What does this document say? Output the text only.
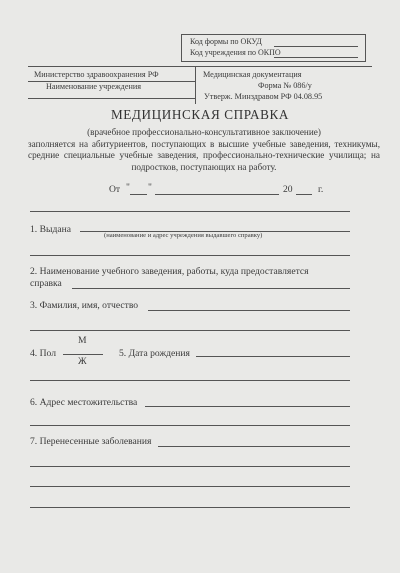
Код формы по ОКУД
Код учреждения по ОКПО
Министерство здравоохранения РФ
Наименование учреждения
Медицинская документация
Форма № 086/у
Утверж. Минздравом РФ 04.08.95
МЕДИЦИНСКАЯ СПРАВКА
(врачебное профессионально-консультативное заключение)
заполняется на абитуриентов, поступающих в высшие учебные заведения, техникумы, средние специальные учебные заведения, профессионально-технические училища; на подростков, поступающих на работу.
От " "	20	г.
1. Выдана
(наименование и адрес учреждения выдавшего справку)
2. Наименование учебного заведения, работы, куда предоставляется
справка
3. Фамилия, имя, отчество
М
4. Пол
Ж
5. Дата рождения
6. Адрес местожительства
7. Перенесенные заболевания
